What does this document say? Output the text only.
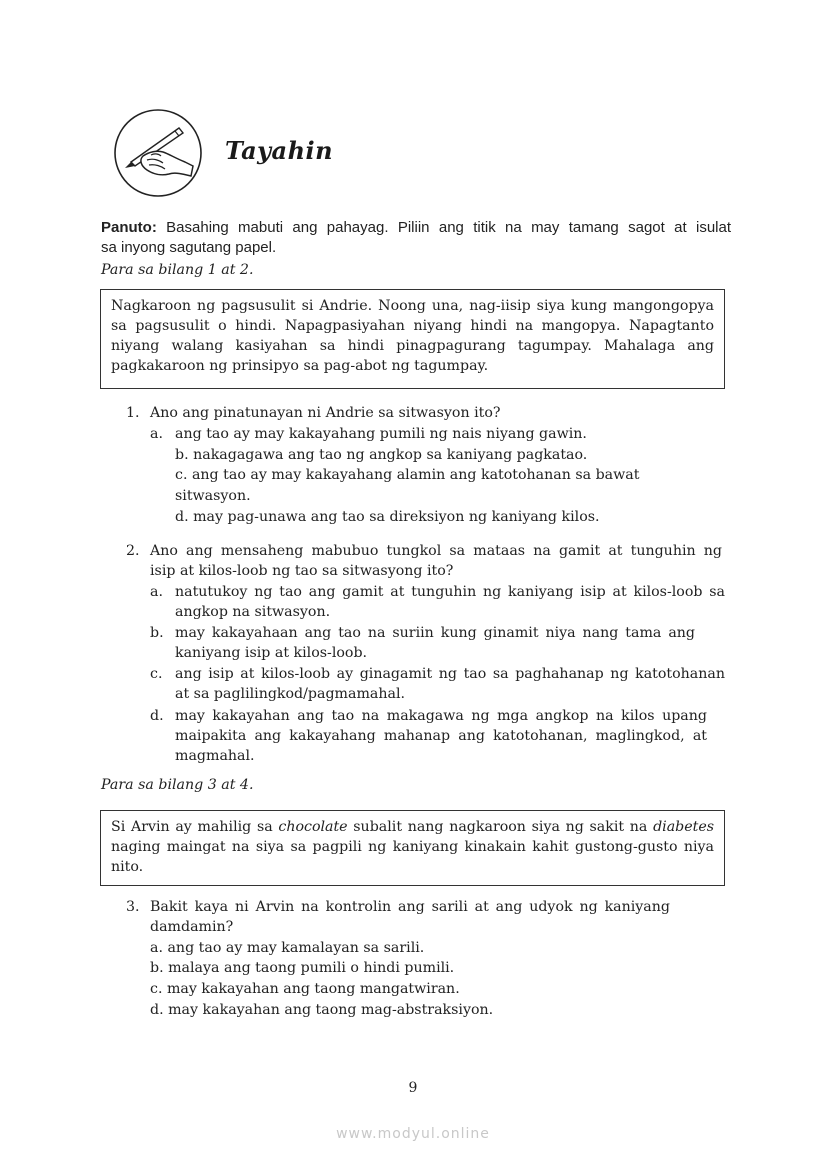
Tayahin
Panuto: Basahing mabuti ang pahayag. Piliin ang titik na may tamang sagot at isulat
sa inyong sagutang papel.
Para sa bilang 1 at 2.
Nagkaroon ng pagsusulit si Andrie. Noong una, nag-iisip siya kung mangongopya
sa pagsusulit o hindi. Napagpasiyahan niyang hindi na mangopya. Napagtanto
niyang walang kasiyahan sa hindi pinagpagurang tagumpay. Mahalaga ang
pagkakaroon ng prinsipyo sa pag-abot ng tagumpay.
1. Ano ang pinatunayan ni Andrie sa sitwasyon ito?
a. ang tao ay may kakayahang pumili ng nais niyang gawin.
b. nakagagawa ang tao ng angkop sa kaniyang pagkatao.
c. ang tao ay may kakayahang alamin ang katotohanan sa bawat
sitwasyon.
d. may pag-unawa ang tao sa direksiyon ng kaniyang kilos.
2. Ano ang mensaheng mabubuo tungkol sa mataas na gamit at tunguhin ng
isip at kilos-loob ng tao sa sitwasyong ito?
a. natutukoy ng tao ang gamit at tunguhin ng kaniyang isip at kilos-loob sa
angkop na sitwasyon.
b. may kakayahaan ang tao na suriin kung ginamit niya nang tama ang
kaniyang isip at kilos-loob.
c. ang isip at kilos-loob ay ginagamit ng tao sa paghahanap ng katotohanan
at sa paglilingkod/pagmamahal.
d. may kakayahan ang tao na makagawa ng mga angkop na kilos upang
maipakita ang kakayahang mahanap ang katotohanan, maglingkod, at
magmahal.
Para sa bilang 3 at 4.
Si Arvin ay mahilig sa chocolate subalit nang nagkaroon siya ng sakit na diabetes
naging maingat na siya sa pagpili ng kaniyang kinakain kahit gustong-gusto niya
nito.
3. Bakit kaya ni Arvin na kontrolin ang sarili at ang udyok ng kaniyang
damdamin?
a. ang tao ay may kamalayan sa sarili.
b. malaya ang taong pumili o hindi pumili.
c. may kakayahan ang taong mangatwiran.
d. may kakayahan ang taong mag-abstraksiyon.
9
www.modyul.online
